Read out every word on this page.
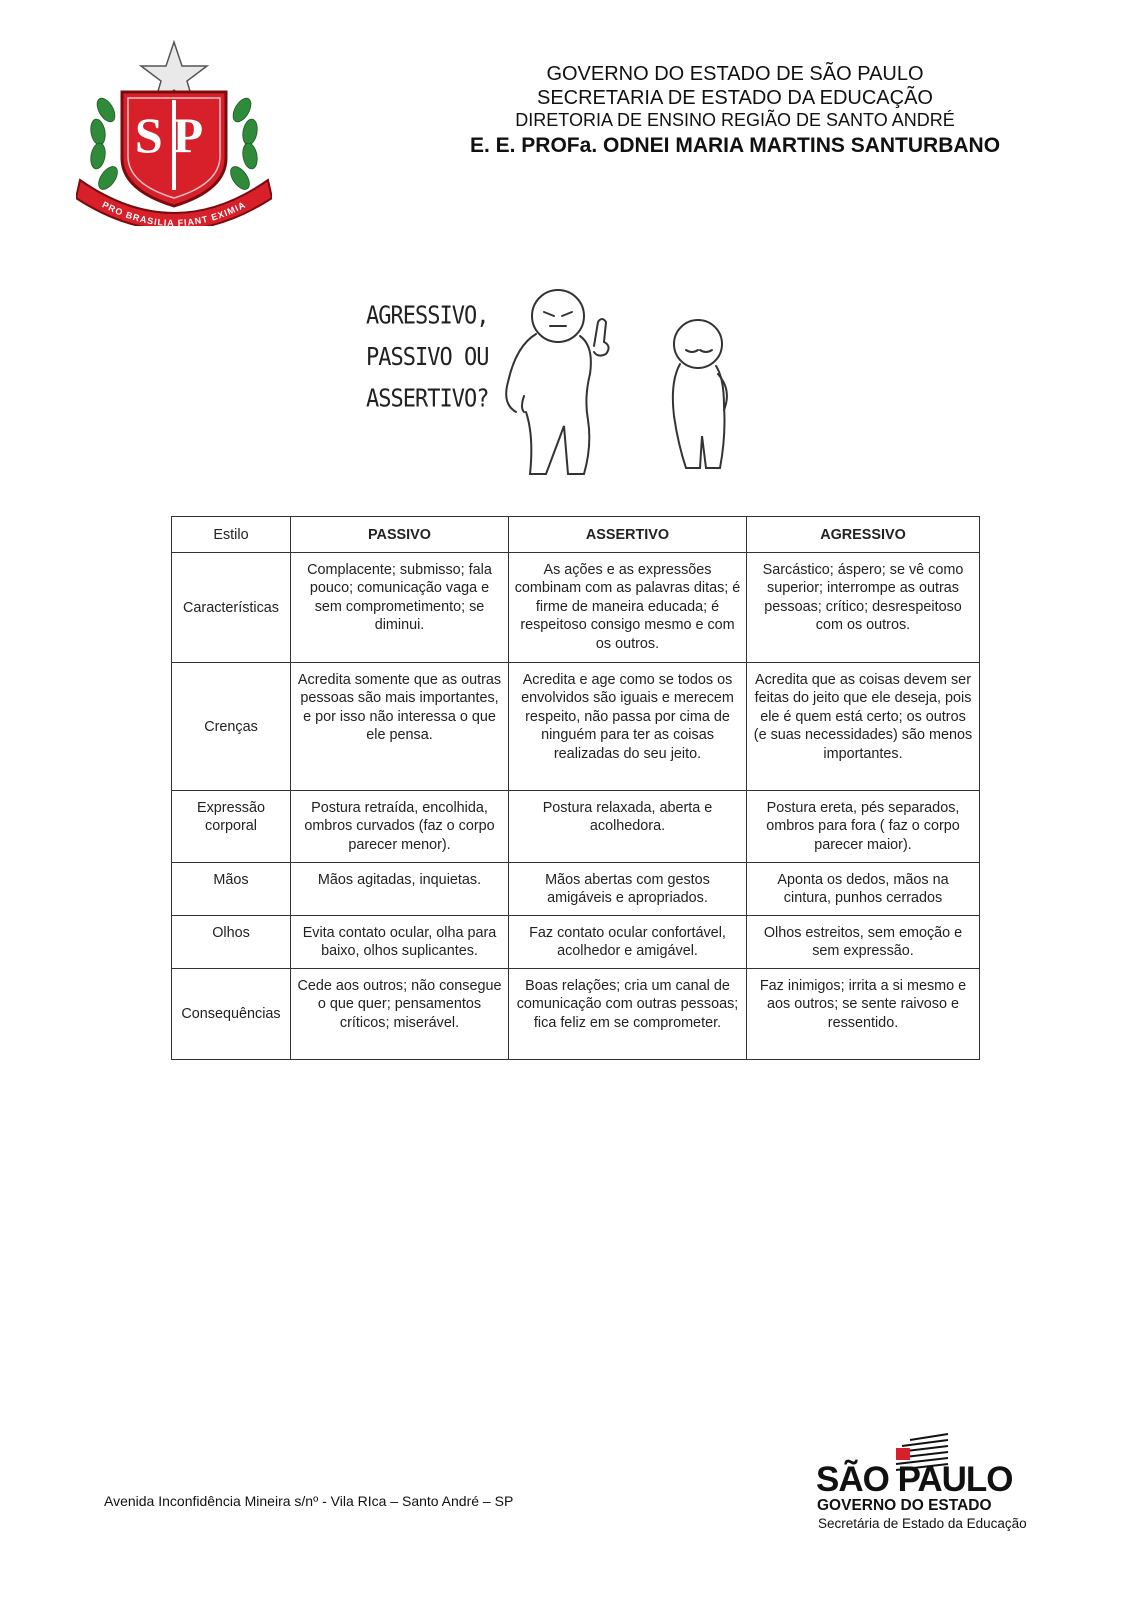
SP
PRO BRASILIA FIANT EXIMIA
GOVERNO DO ESTADO DE SÃO PAULO
SECRETARIA DE ESTADO DA EDUCAÇÃO
DIRETORIA DE ENSINO REGIÃO DE SANTO ANDRÉ
E. E. PROFa. ODNEI MARIA MARTINS SANTURBANO
AGRESSIVO,
PASSIVO OU
ASSERTIVO?
Estilo	PASSIVO	ASSERTIVO	AGRESSIVO
Características	Complacente; submisso; fala pouco; comunicação vaga e sem comprometimento; se diminui.	As ações e as expressões combinam com as palavras ditas; é firme de maneira educada; é respeitoso consigo mesmo e com os outros.	Sarcástico; áspero; se vê como superior; interrompe as outras pessoas; crítico; desrespeitoso com os outros.
Crenças	Acredita somente que as outras pessoas são mais importantes, e por isso não interessa o que ele pensa.	Acredita e age como se todos os envolvidos são iguais e merecem respeito, não passa por cima de ninguém para ter as coisas realizadas do seu jeito.	Acredita que as coisas devem ser feitas do jeito que ele deseja, pois ele é quem está certo; os outros (e suas necessidades) são menos importantes.
Expressão corporal	Postura retraída, encolhida, ombros curvados (faz o corpo parecer menor).	Postura relaxada, aberta e acolhedora.	Postura ereta, pés separados, ombros para fora ( faz o corpo parecer maior).
Mãos	Mãos agitadas, inquietas.	Mãos abertas com gestos amigáveis e apropriados.	Aponta os dedos, mãos na cintura, punhos cerrados
Olhos	Evita contato ocular, olha para baixo, olhos suplicantes.	Faz contato ocular confortável, acolhedor e amigável.	Olhos estreitos, sem emoção e sem expressão.
Consequências	Cede aos outros; não consegue o que quer; pensamentos críticos; miserável.	Boas relações; cria um canal de comunicação com outras pessoas; fica feliz em se comprometer.	Faz inimigos; irrita a si mesmo e aos outros; se sente raivoso e ressentido.
Avenida Inconfidência Mineira s/nº - Vila RIca – Santo André – SP
SÃO PAULO
GOVERNO DO ESTADO
Secretária de Estado da Educação
